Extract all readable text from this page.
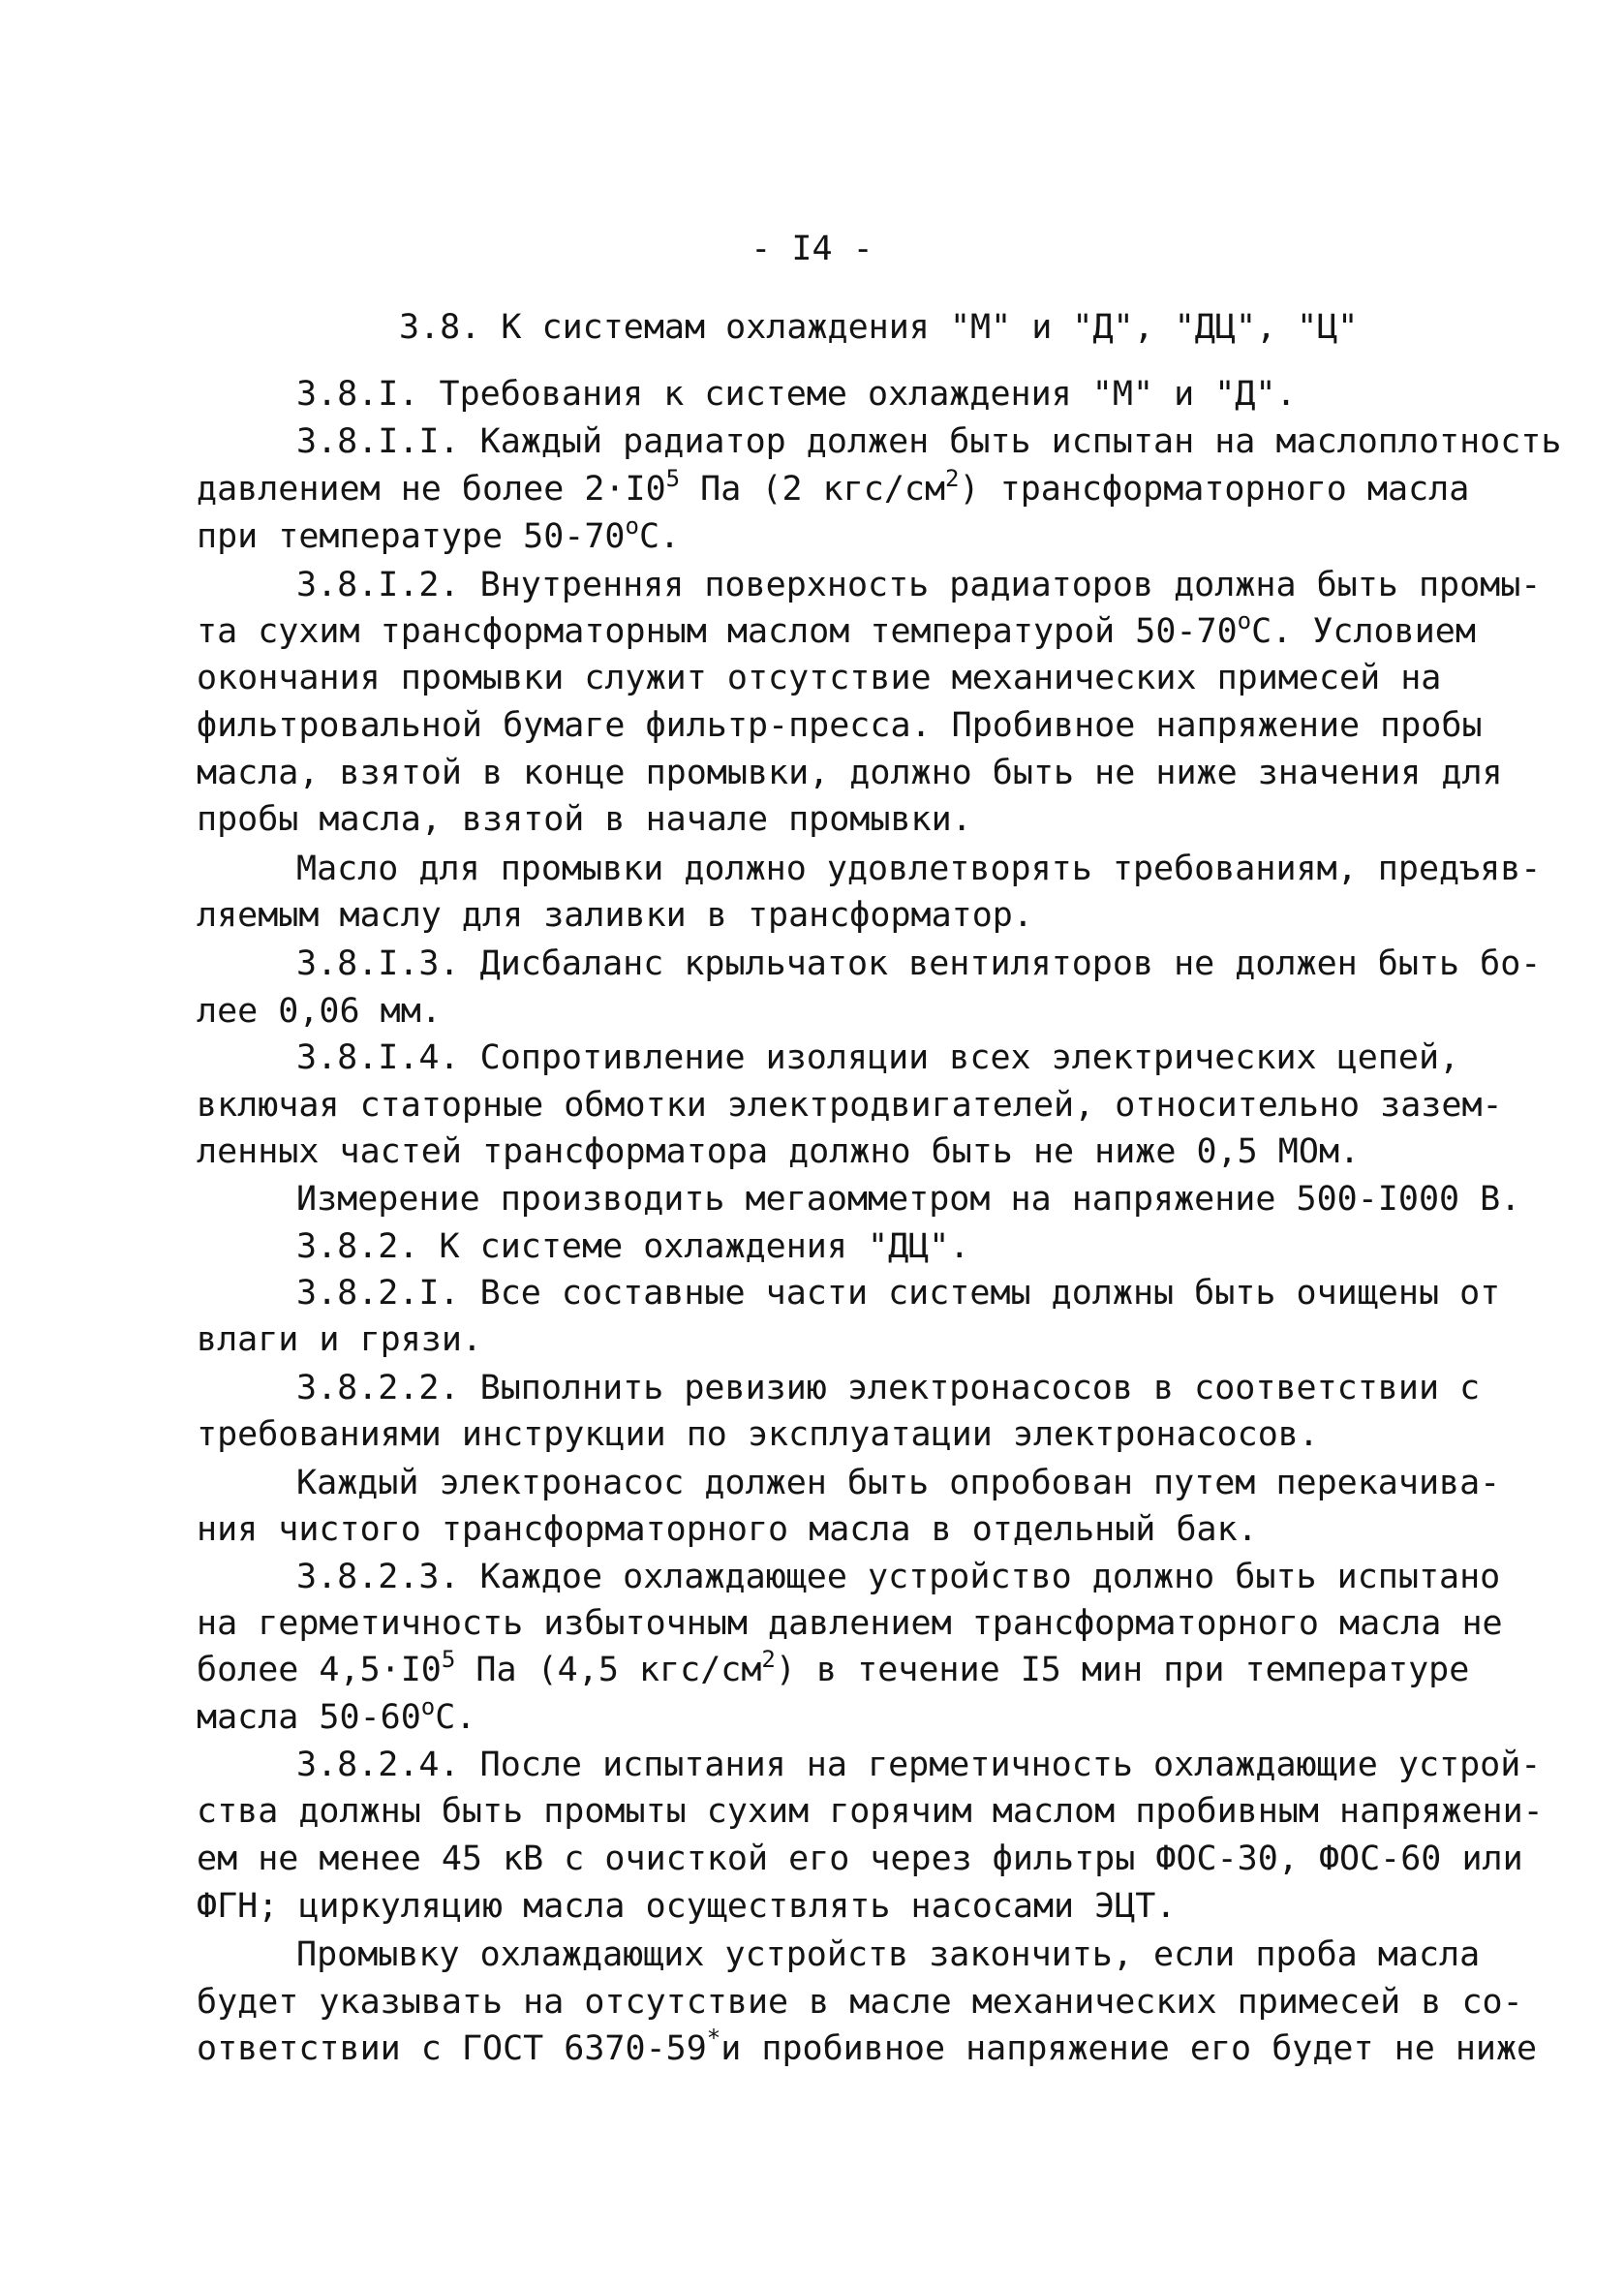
- I4 -
3.8. К системам охлаждения "М" и "Д", "ДЦ", "Ц"
3.8.I. Требования к системе охлаждения "М" и "Д".
3.8.I.I. Каждый радиатор должен быть испытан на маслоплотность
давлением не более $2\cdot I0^5$ Па (2 кгс/$см^2$) трансформаторного масла
при температуре $50-70^оС$.
3.8.I.2. Внутренняя поверхность радиаторов должна быть промы-
та сухим трансформаторным маслом температурой $50-70^оС$. Условием
окончания промывки служит отсутствие механических примесей на
фильтровальной бумаге фильтр-пресса. Пробивное напряжение пробы
масла, взятой в конце промывки, должно быть не ниже значения для
пробы масла, взятой в начале промывки.
Масло для промывки должно удовлетворять требованиям, предъяв-
ляемым маслу для заливки в трансформатор.
3.8.I.3. Дисбаланс крыльчаток вентиляторов не должен быть бо-
лее 0,06 мм.
3.8.I.4. Сопротивление изоляции всех электрических цепей,
включая статорные обмотки электродвигателей, относительно зазем-
ленных частей трансформатора должно быть не ниже 0,5 МОм.
Измерение производить мегаомметром на напряжение 500-I000 В.
3.8.2. К системе охлаждения "ДЦ".
3.8.2.I. Все составные части системы должны быть очищены от
влаги и грязи.
3.8.2.2. Выполнить ревизию электронасосов в соответствии с
требованиями инструкции по эксплуатации электронасосов.
Каждый электронасос должен быть опробован путем перекачива-
ния чистого трансформаторного масла в отдельный бак.
3.8.2.3. Каждое охлаждающее устройство должно быть испытано
на герметичность избыточным давлением трансформаторного масла не
более $4,5\cdot I0^5$ Па (4,5 кгс/$см^2$) в течение I5 мин при температуре
масла $50-60^оС$.
3.8.2.4. После испытания на герметичность охлаждающие устрой-
ства должны быть промыты сухим горячим маслом пробивным напряжени-
ем не менее 45 кВ с очисткой его через фильтры ФОС-30, ФОС-60 или
ФГН; циркуляцию масла осуществлять насосами ЭЦТ.
Промывку охлаждающих устройств закончить, если проба масла
будет указывать на отсутствие в масле механических примесей в со-
ответствии с ГОСТ 6370-59*и пробивное напряжение его будет не ниже
